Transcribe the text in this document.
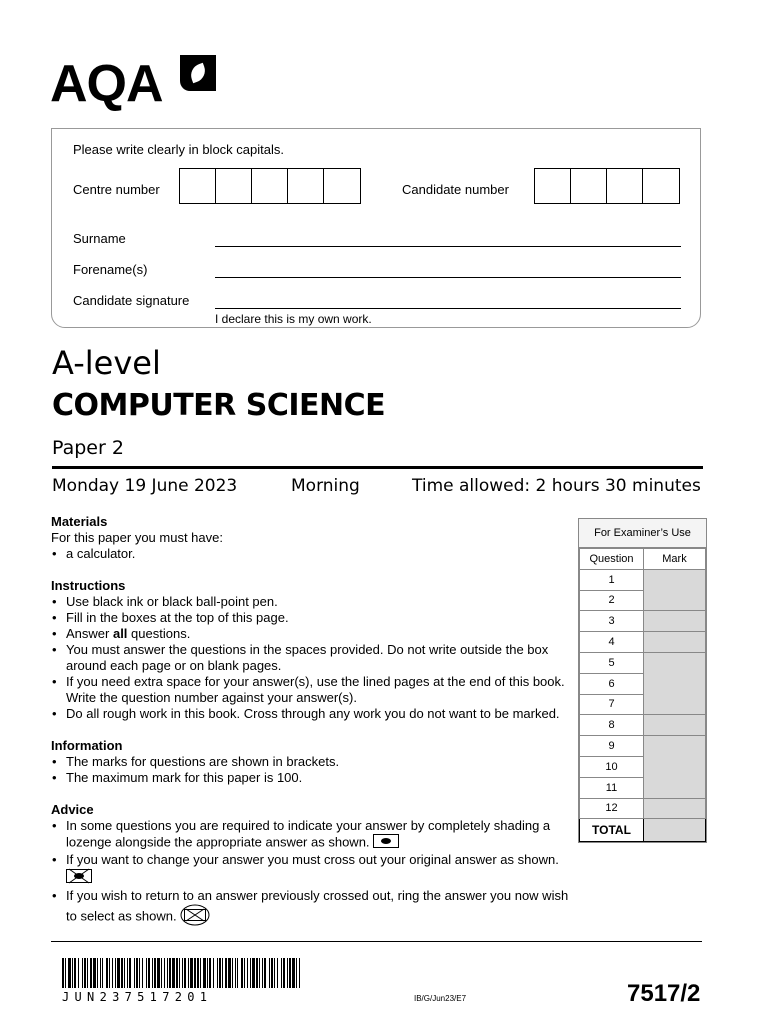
AQA
Please write clearly in block capitals.
Centre number	Candidate number
Surname
Forename(s)
Candidate signature
I declare this is my own work.
A-level
COMPUTER SCIENCE
Paper 2
Monday 19 June 2023	Morning	Time allowed: 2 hours 30 minutes
Materials

For this paper you must have:

• a calculator.
Instructions
• Use black ink or black ball-point pen.
• Fill in the boxes at the top of this page.
• Answer all questions.
• You must answer the questions in the spaces provided. Do not write outside the box around each page or on blank pages.
• If you need extra space for your answer(s), use the lined pages at the end of this book. Write the question number against your answer(s).
• Do all rough work in this book. Cross through any work you do not want to be marked.
Information
• The marks for questions are shown in brackets.
• The maximum mark for this paper is 100.
Advice
• In some questions you are required to indicate your answer by completely shading a lozenge alongside the appropriate answer as shown.
• If you want to change your answer you must cross out your original answer as shown.
• If you wish to return to an answer previously crossed out, ring the answer you now wish to select as shown.
For Examiner’s Use
Question	Mark
1	
2	
3	
4	
5	
6	
7	
8	
9	
10	
11	
12	
TOTAL	
JUN237517201	IB/G/Jun23/E7	7517/2
